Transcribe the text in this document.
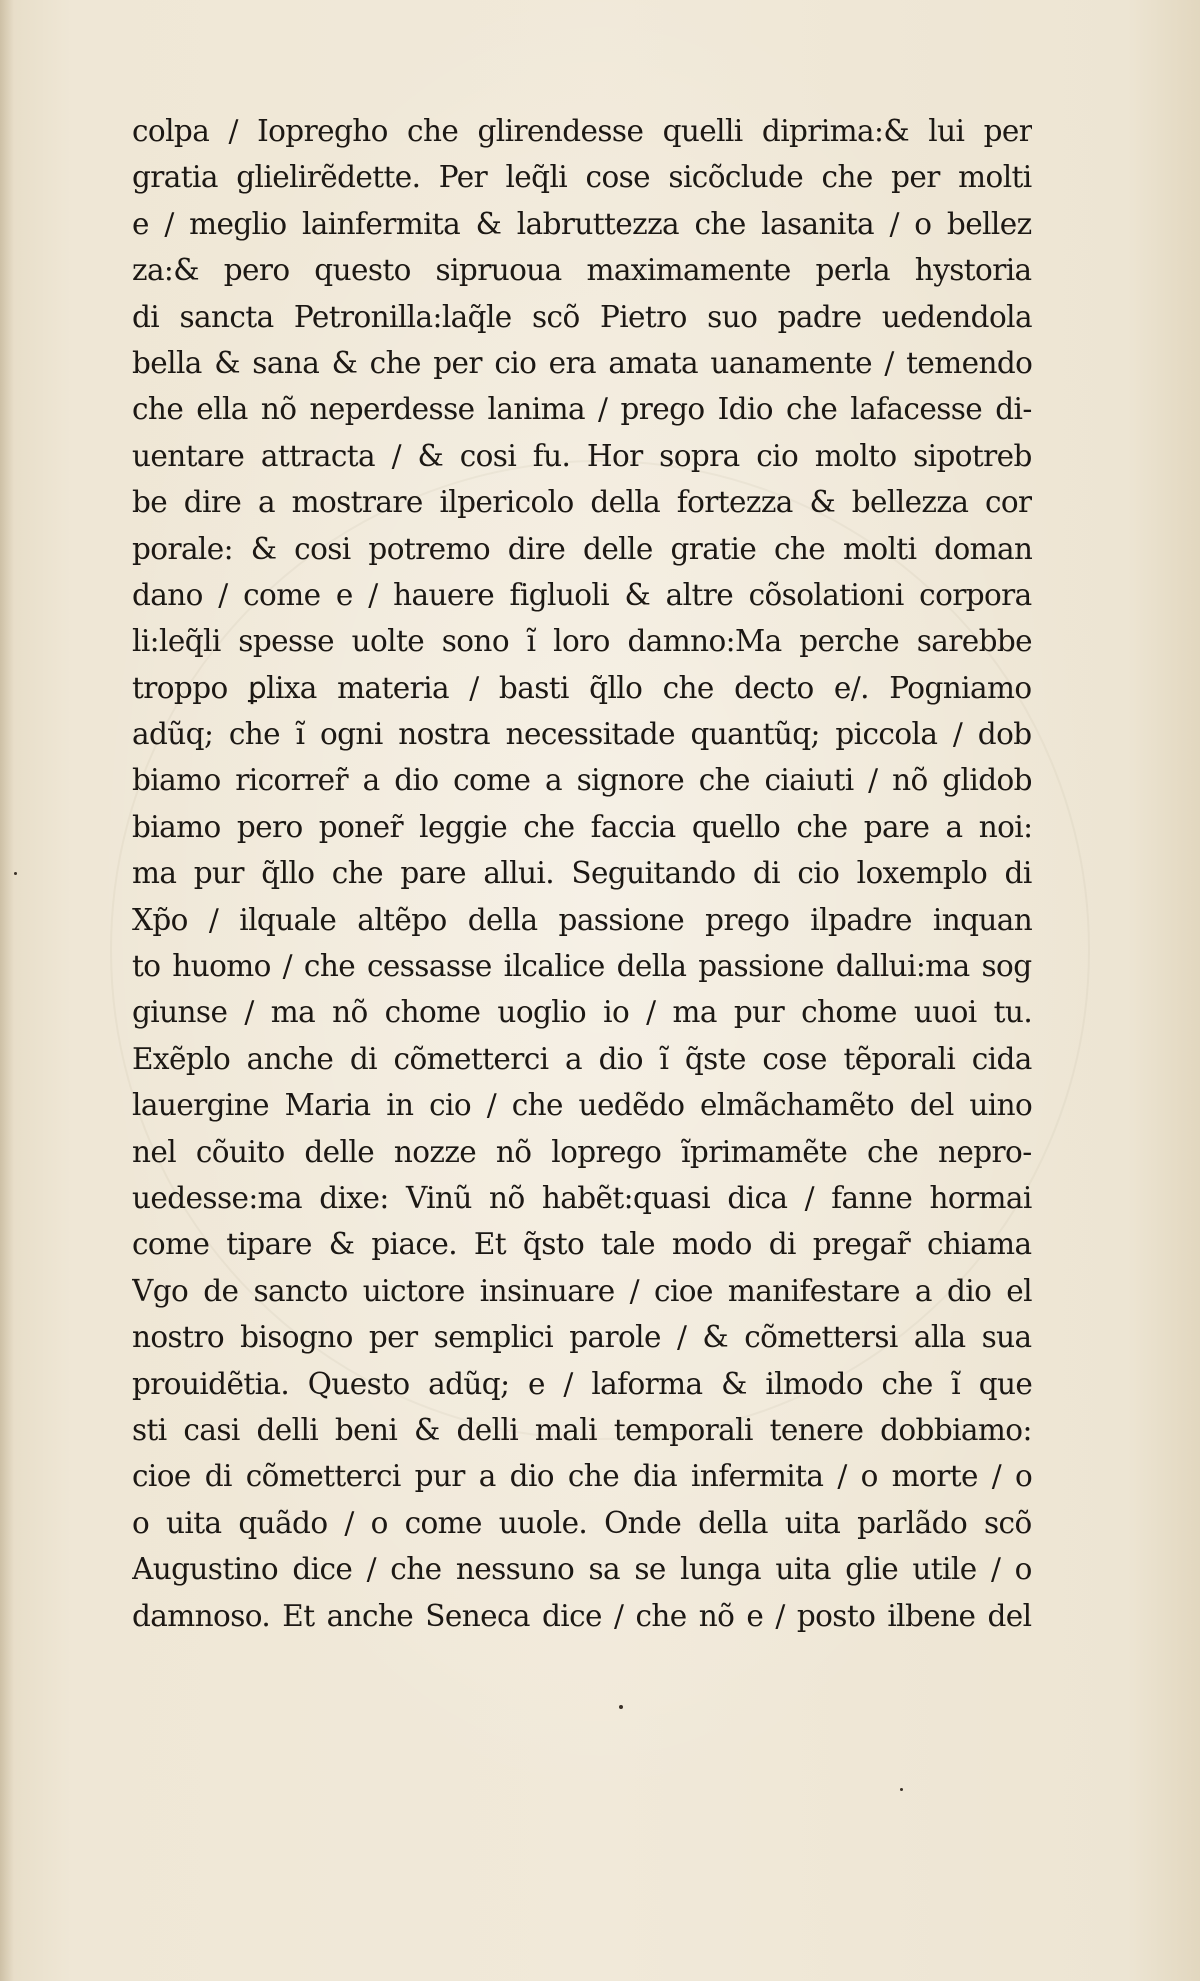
colpa / Iopregho che glirendesse quelli diprima:& lui per
gratia glielirẽdette. Per leq̃li cose sicõclude che per molti
e / meglio lainfermita & labruttezza che lasanita / o bellez
za:& pero questo sipruoua maximamente perla hystoria
di sancta Petronilla:laq̃le scõ Pietro suo padre uedendola
bella & sana & che per cio era amata uanamente / temendo
che ella nõ neperdesse lanima / prego Idio che lafacesse di-
uentare attracta / & cosi fu. Hor sopra cio molto sipotreb
be dire a mostrare ilpericolo della fortezza & bellezza cor
porale: & cosi potremo dire delle gratie che molti doman
dano / come e / hauere figluoli & altre cõsolationi corpora
li:leq̃li spesse uolte sono ĩ loro damno:Ma perche sarebbe
troppo ꝑlixa materia / basti q̃llo che decto e/. Pogniamo
adũq; che ĩ ogni nostra necessitade quantũq; piccola / dob
biamo ricorrer̃ a dio come a signore che ciaiuti / nõ glidob
biamo pero poner̃ leggie che faccia quello che pare a noi:
ma pur q̃llo che pare allui. Seguitando di cio loxemplo di
Xp̃o / ilquale altẽpo della passione prego ilpadre inquan
to huomo / che cessasse ilcalice della passione dallui:ma sog
giunse / ma nõ chome uoglio io / ma pur chome uuoi tu.
Exẽplo anche di cõmetterci a dio ĩ q̃ste cose tẽporali cida
lauergine Maria in cio / che uedẽdo elmãchamẽto del uino
nel cõuito delle nozze nõ loprego ĩprimamẽte che nepro-
uedesse:ma dixe: Vinũ nõ habẽt:quasi dica / fanne hormai
come tipare & piace. Et q̃sto tale modo di pregar̃ chiama
Vgo de sancto uictore insinuare / cioe manifestare a dio el
nostro bisogno per semplici parole / & cõmettersi alla sua
prouidẽtia. Questo adũq; e / laforma & ilmodo che ĩ que
sti casi delli beni & delli mali temporali tenere dobbiamo:
cioe di cõmetterci pur a dio che dia infermita / o morte / o
o uita quãdo / o come uuole. Onde della uita parlãdo scõ
Augustino dice / che nessuno sa se lunga uita glie utile / o
damnoso. Et anche Seneca dice / che nõ e / posto ilbene del
